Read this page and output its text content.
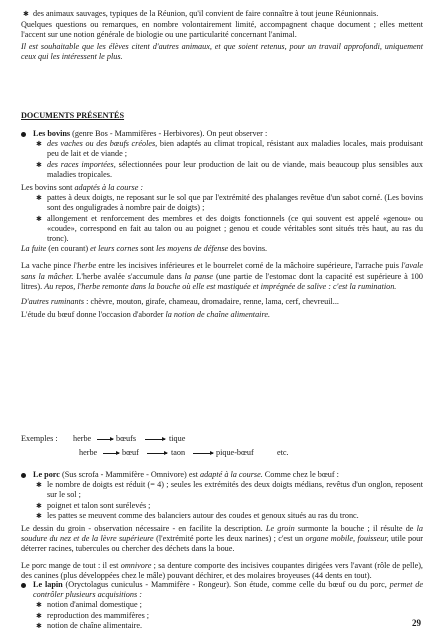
✱ des animaux sauvages, typiques de la Réunion, qu'il convient de faire connaître à tout jeune Réunionnais.

Quelques questions ou remarques, en nombre volontairement limité, accompagnent chaque document ; elles mettent l'accent sur une notion générale de biologie ou une particularité concernant l'animal.

Il est souhaitable que les élèves citent d'autres animaux, et que soient retenus, pour un travail approfondi, uniquement ceux qui les intéressent le plus.

DOCUMENTS PRÉSENTÉS

Les bovins (genre Bos - Mammifères - Herbivores). On peut observer :

✱ des vaches ou des bœufs créoles, bien adaptés au climat tropical, résistant aux maladies locales, mais produisant peu de lait et de viande ;

✱ des races importées, sélectionnées pour leur production de lait ou de viande, mais beaucoup plus sensibles aux maladies tropicales.

Les bovins sont adaptés à la course :

✱ pattes à deux doigts, ne reposant sur le sol que par l'extrémité des phalanges revêtue d'un sabot corné. (Les bovins sont des onguligrades à nombre pair de doigts) ;

✱ allongement et renforcement des membres et des doigts fonctionnels (ce qui souvent est appelé «genou» ou «coude», correspond en fait au talon ou au poignet ; genou et coude véritables sont situés très haut, au ras du tronc).

La fuite (en courant) et leurs cornes sont les moyens de défense des bovins.

La vache pince l'herbe entre les incisives inférieures et le bourrelet corné de la mâchoire supérieure, l'arrache puis l'avale sans la mâcher. L'herbe avalée s'accumule dans la panse (une partie de l'estomac dont la capacité est supérieure à 100 litres). Au repos, l'herbe remonte dans la bouche où elle est mastiquée et imprégnée de salive : c'est la rumination.

D'autres ruminants : chèvre, mouton, girafe, chameau, dromadaire, renne, lama, cerf, chevreuil...

L'étude du bœuf donne l'occasion d'aborder la notion de chaîne alimentaire.

Exemples : herbe	bœufs	tique
herbe	bœuf	taon	pique-bœuf	etc.

Le porc (Sus scrofa - Mammifère - Omnivore) est adapté à la course. Comme chez le bœuf :

✱ le nombre de doigts est réduit (= 4) ; seules les extrémités des deux doigts médians, revêtus d'un onglon, reposent sur le sol ;

✱ poignet et talon sont surélevés ;

✱ les pattes se meuvent comme des balanciers autour des coudes et genoux situés au ras du tronc.

Le dessin du groin - observation nécessaire - en facilite la description. Le groin surmonte la bouche ; il résulte de la soudure du nez et de la lèvre supérieure (l'extrémité porte les deux narines) ; c'est un organe mobile, fouisseur, utile pour déterrer racines, tubercules ou chercher des déchets dans la boue.

Le porc mange de tout : il est omnivore ; sa denture comporte des incisives coupantes dirigées vers l'avant (rôle de pelle), des canines (plus développées chez le mâle) pouvant déchirer, et des molaires broyeuses (44 dents en tout).

Le lapin (Oryctolagus cuniculus - Mammifère - Rongeur). Son étude, comme celle du bœuf ou du porc, permet de contrôler plusieurs acquisitions :

✱ notion d'animal domestique ;

✱ reproduction des mammifères ;

✱ notion de chaîne alimentaire.	29
